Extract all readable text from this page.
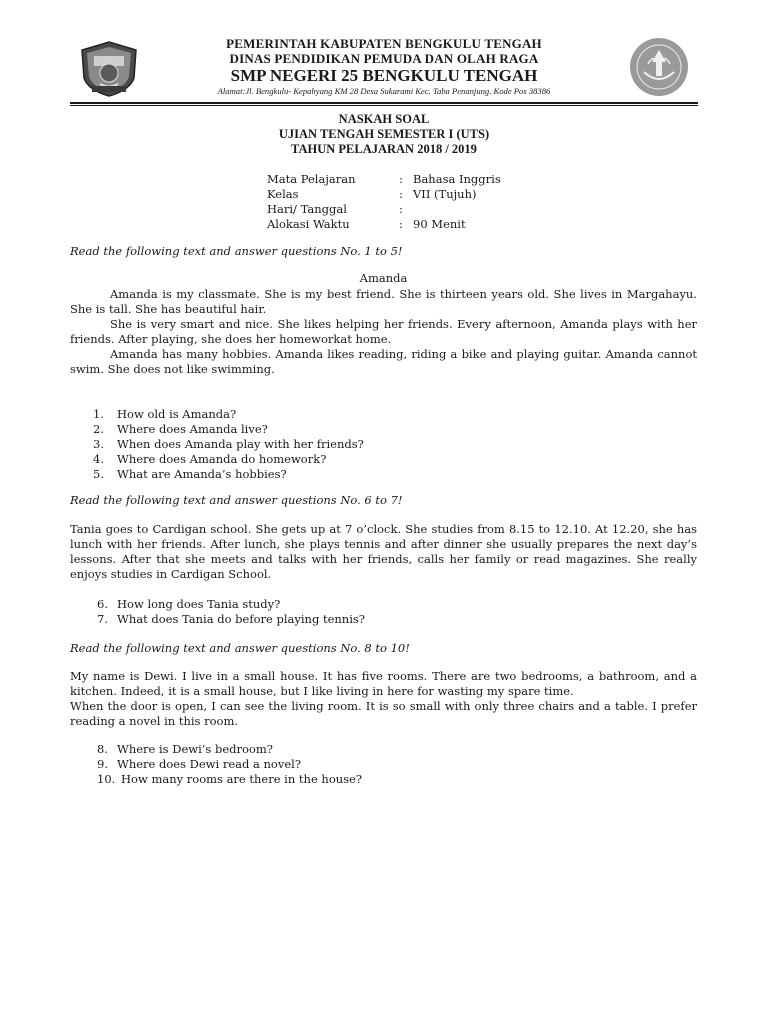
PEMERINTAH KABUPATEN BENGKULU TENGAH
DINAS PENDIDIKAN PEMUDA DAN OLAH RAGA
SMP NEGERI 25 BENGKULU TENGAH
Alamat:Jl. Bengkulu- Kepahyang KM 28 Desa Sukarami Kec. Taba Penanjung. Kode Pos 38386
NASKAH SOAL
UJIAN TENGAH SEMESTER I (UTS)
TAHUN PELAJARAN 2018 / 2019
Mata Pelajaran	: Bahasa Inggris
Kelas	: VII (Tujuh)
Hari/ Tanggal	:
Alokasi Waktu	: 90 Menit
Read the following text and answer questions No. 1 to 5!
Amanda
Amanda is my classmate. She is my best friend. She is thirteen years old. She lives in Margahayu. She is tall. She has beautiful hair.
She is very smart and nice. She likes helping her friends. Every afternoon, Amanda plays with her friends. After playing, she does her homeworkat home.
Amanda has many hobbies. Amanda likes reading, riding a bike and playing guitar. Amanda cannot swim. She does not like swimming.
1.	How old is Amanda?
2.	Where does Amanda live?
3.	When does Amanda play with her friends?
4.	Where does Amanda do homework?
5.	What are Amanda’s hobbies?
Read the following text and answer questions No. 6 to 7!
Tania goes to Cardigan school. She gets up at 7 o’clock. She studies from 8.15 to 12.10. At 12.20, she has lunch with her friends. After lunch, she plays tennis and after dinner she usually prepares the next day’s lessons. After that she meets and talks with her friends, calls her family or read magazines. She really enjoys studies in Cardigan School.
6. How long does Tania study?
7. What does Tania do before playing tennis?
Read the following text and answer questions No. 8 to 10!
My name is Dewi. I live in a small house. It has five rooms. There are two bedrooms, a bathroom, and a kitchen. Indeed, it is a small house, but I like living in here for wasting my spare time.
When the door is open, I can see the living room. It is so small with only three chairs and a table. I prefer reading a novel in this room.
8. Where is Dewi’s bedroom?
9. Where does Dewi read a novel?
10. How many rooms are there in the house?
